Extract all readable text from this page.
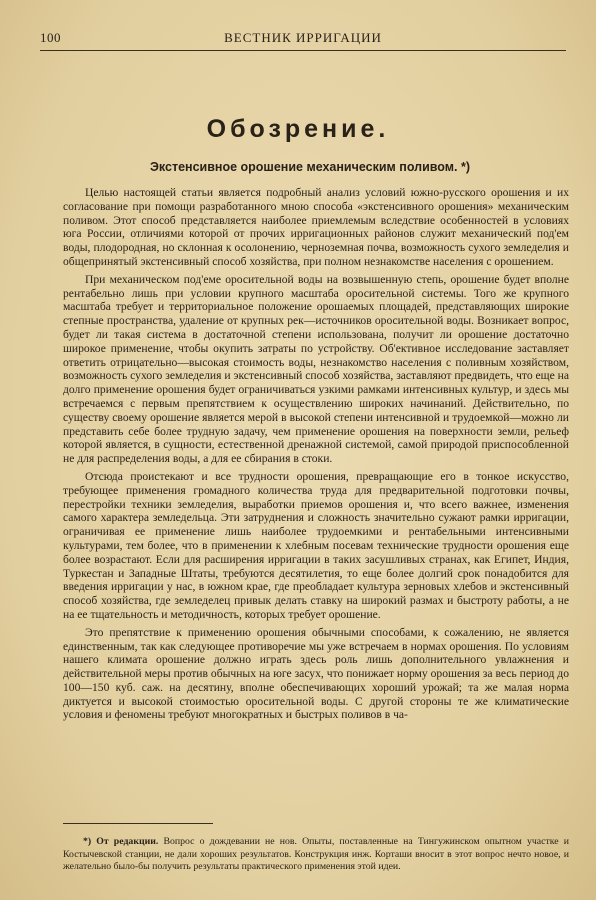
100	ВЕСТНИК ИРРИГАЦИИ
Обозрение.
Экстенсивное орошение механическим поливом. *)

Целью настоящей статьи является подробный анализ условий южно-русского орошения и их согласование при помощи разработанного мною способа «экстенсивного орошения» механическим поливом. Этот способ представляется наиболее приемлемым вследствие особенностей в условиях юга России, отличиями которой от прочих ирригационных районов служит механический под'ем воды, плодородная, но склонная к осолонению, черноземная почва, возможность сухого земледелия и общепринятый экстенсивный способ хозяйства, при полном незнакомстве населения с орошением.

При механическом под'еме оросительной воды на возвышенную степь, орошение будет вполне рентабельно лишь при условии крупного масштаба оросительной системы. Того же крупного масштаба требует и территориальное положение орошаемых площадей, представляющих широкие степные пространства, удаление от крупных рек—источников оросительной воды. Возникает вопрос, будет ли такая система в достаточной степени использована, получит ли орошение достаточно широкое применение, чтобы окупить затраты по устройству. Об'ективное исследование заставляет ответить отрицательно—высокая стоимость воды, незнакомство населения с поливным хозяйством, возможность сухого земледелия и экстенсивный способ хозяйства, заставляют предвидеть, что еще на долго применение орошения будет ограничиваться узкими рамками интенсивных культур, и здесь мы встречаемся с первым препятствием к осуществлению широких начинаний. Действительно, по существу своему орошение является мерой в высокой степени интенсивной и трудоемкой—можно ли представить себе более трудную задачу, чем применение орошения на поверхности земли, рельеф которой является, в сущности, естественной дренажной системой, самой природой приспособленной не для распределения воды, а для ее сбирания в стоки.

Отсюда проистекают и все трудности орошения, превращающие его в тонкое искусство, требующее применения громадного количества труда для предварительной подготовки почвы, перестройки техники земледелия, выработки приемов орошения и, что всего важнее, изменения самого характера земледельца. Эти затруднения и сложность значительно сужают рамки ирригации, ограничивая ее применение лишь наиболее трудоемкими и рентабельными интенсивными культурами, тем более, что в применении к хлебным посевам технические трудности орошения еще более возрастают. Если для расширения ирригации в таких засушливых странах, как Египет, Индия, Туркестан и Западные Штаты, требуются десятилетия, то еще более долгий срок понадобится для введения ирригации у нас, в южном крае, где преобладает культура зерновых хлебов и экстенсивный способ хозяйства, где земледелец привык делать ставку на широкий размах и быстроту работы, а не на ее тщательность и методичность, которых требует орошение.

Это препятствие к применению орошения обычными способами, к сожалению, не является единственным, так как следующее противоречие мы уже встречаем в нормах орошения. По условиям нашего климата орошение должно играть здесь роль лишь дополнительного увлажнения и действительной меры против обычных на юге засух, что понижает норму орошения за весь период до 100—150 куб. саж. на десятину, вполне обеспечивающих хороший урожай; та же малая норма диктуется и высокой стоимостью оросительной воды. С другой стороны те же климатические условия и феномены требуют многократных и быстрых поливов в ча-

*) От редакции. Вопрос о дождевании не нов. Опыты, поставленные на Тингужинском опытном участке и Костычевской станции, не дали хороших результатов. Конструкция инж. Корташи вносит в этот вопрос нечто новое, и желательно было-бы получить результаты практического применения этой идеи.
